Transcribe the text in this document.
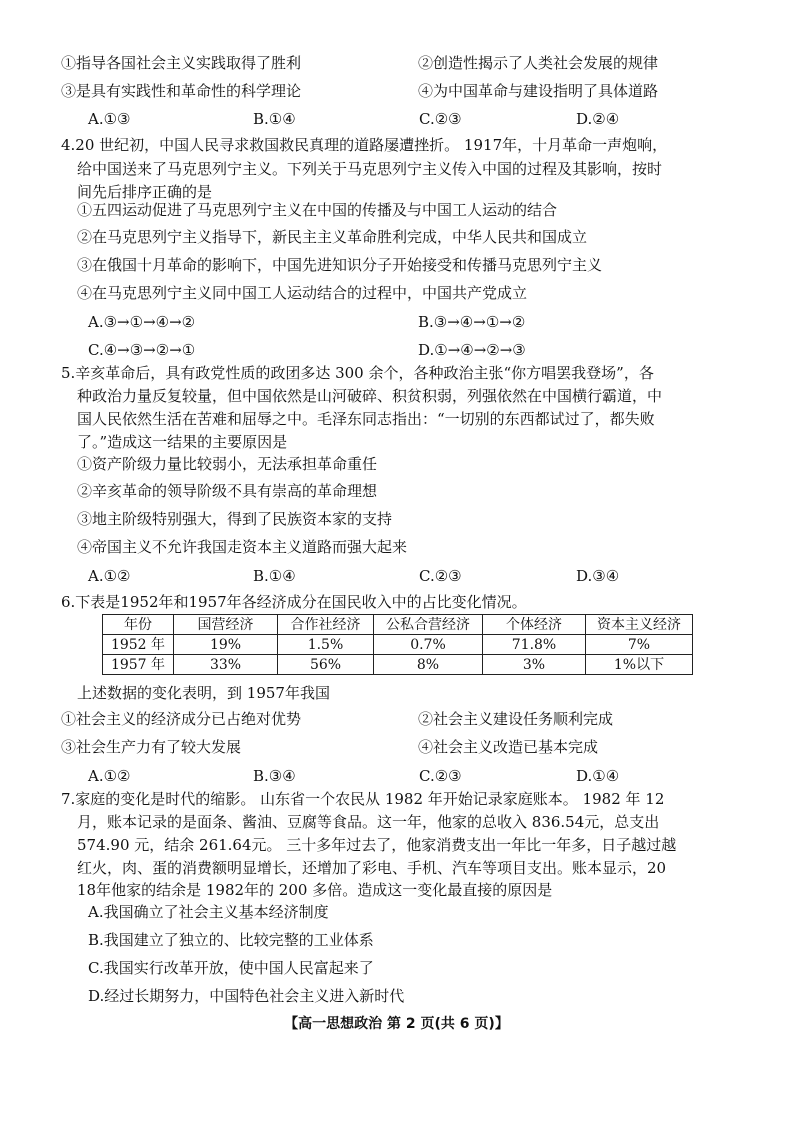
①指导各国社会主义实践取得了胜利	②创造性揭示了人类社会发展的规律
③是具有实践性和革命性的科学理论	④为中国革命与建设指明了具体道路
A.①③	B.①④	C.②③	D.②④
4.20 世纪初，中国人民寻求救国救民真理的道路屡遭挫折。 1917年，十月革命一声炮响，
给中国送来了马克思列宁主义。下列关于马克思列宁主义传入中国的过程及其影响，按时
间先后排序正确的是
①五四运动促进了马克思列宁主义在中国的传播及与中国工人运动的结合
②在马克思列宁主义指导下，新民主主义革命胜利完成，中华人民共和国成立
③在俄国十月革命的影响下，中国先进知识分子开始接受和传播马克思列宁主义
④在马克思列宁主义同中国工人运动结合的过程中，中国共产党成立
A.③→①→④→②	B.③→④→①→②
C.④→③→②→①	D.①→④→②→③
5.辛亥革命后，具有政党性质的政团多达 300 余个，各种政治主张“你方唱罢我登场”，各
种政治力量反复较量，但中国依然是山河破碎、积贫积弱，列强依然在中国横行霸道，中
国人民依然生活在苦难和屈辱之中。毛泽东同志指出：“一切别的东西都试过了，都失败
了。”造成这一结果的主要原因是
①资产阶级力量比较弱小，无法承担革命重任
②辛亥革命的领导阶级不具有崇高的革命理想
③地主阶级特别强大，得到了民族资本家的支持
④帝国主义不允许我国走资本主义道路而强大起来
A.①②	B.①④	C.②③	D.③④
6.下表是1952年和1957年各经济成分在国民收入中的占比变化情况。
年份	国营经济	合作社经济	公私合营经济	个体经济	资本主义经济
1952 年	19%	1.5%	0.7%	71.8%	7%
1957 年	33%	56%	8%	3%	1%以下
上述数据的变化表明，到 1957年我国
①社会主义的经济成分已占绝对优势	②社会主义建设任务顺利完成
③社会生产力有了较大发展	④社会主义改造已基本完成
A.①②	B.③④	C.②③	D.①④
7.家庭的变化是时代的缩影。 山东省一个农民从 1982 年开始记录家庭账本。 1982 年 12
月，账本记录的是面条、酱油、豆腐等食品。这一年，他家的总收入 836.54元，总支出
574.90 元，结余 261.64元。 三十多年过去了，他家消费支出一年比一年多，日子越过越
红火，肉、蛋的消费额明显增长，还增加了彩电、手机、汽车等项目支出。账本显示，20
18年他家的结余是 1982年的 200 多倍。造成这一变化最直接的原因是
A.我国确立了社会主义基本经济制度
B.我国建立了独立的、比较完整的工业体系
C.我国实行改革开放，使中国人民富起来了
D.经过长期努力，中国特色社会主义进入新时代
【高一思想政治 第 2 页(共 6 页)】
